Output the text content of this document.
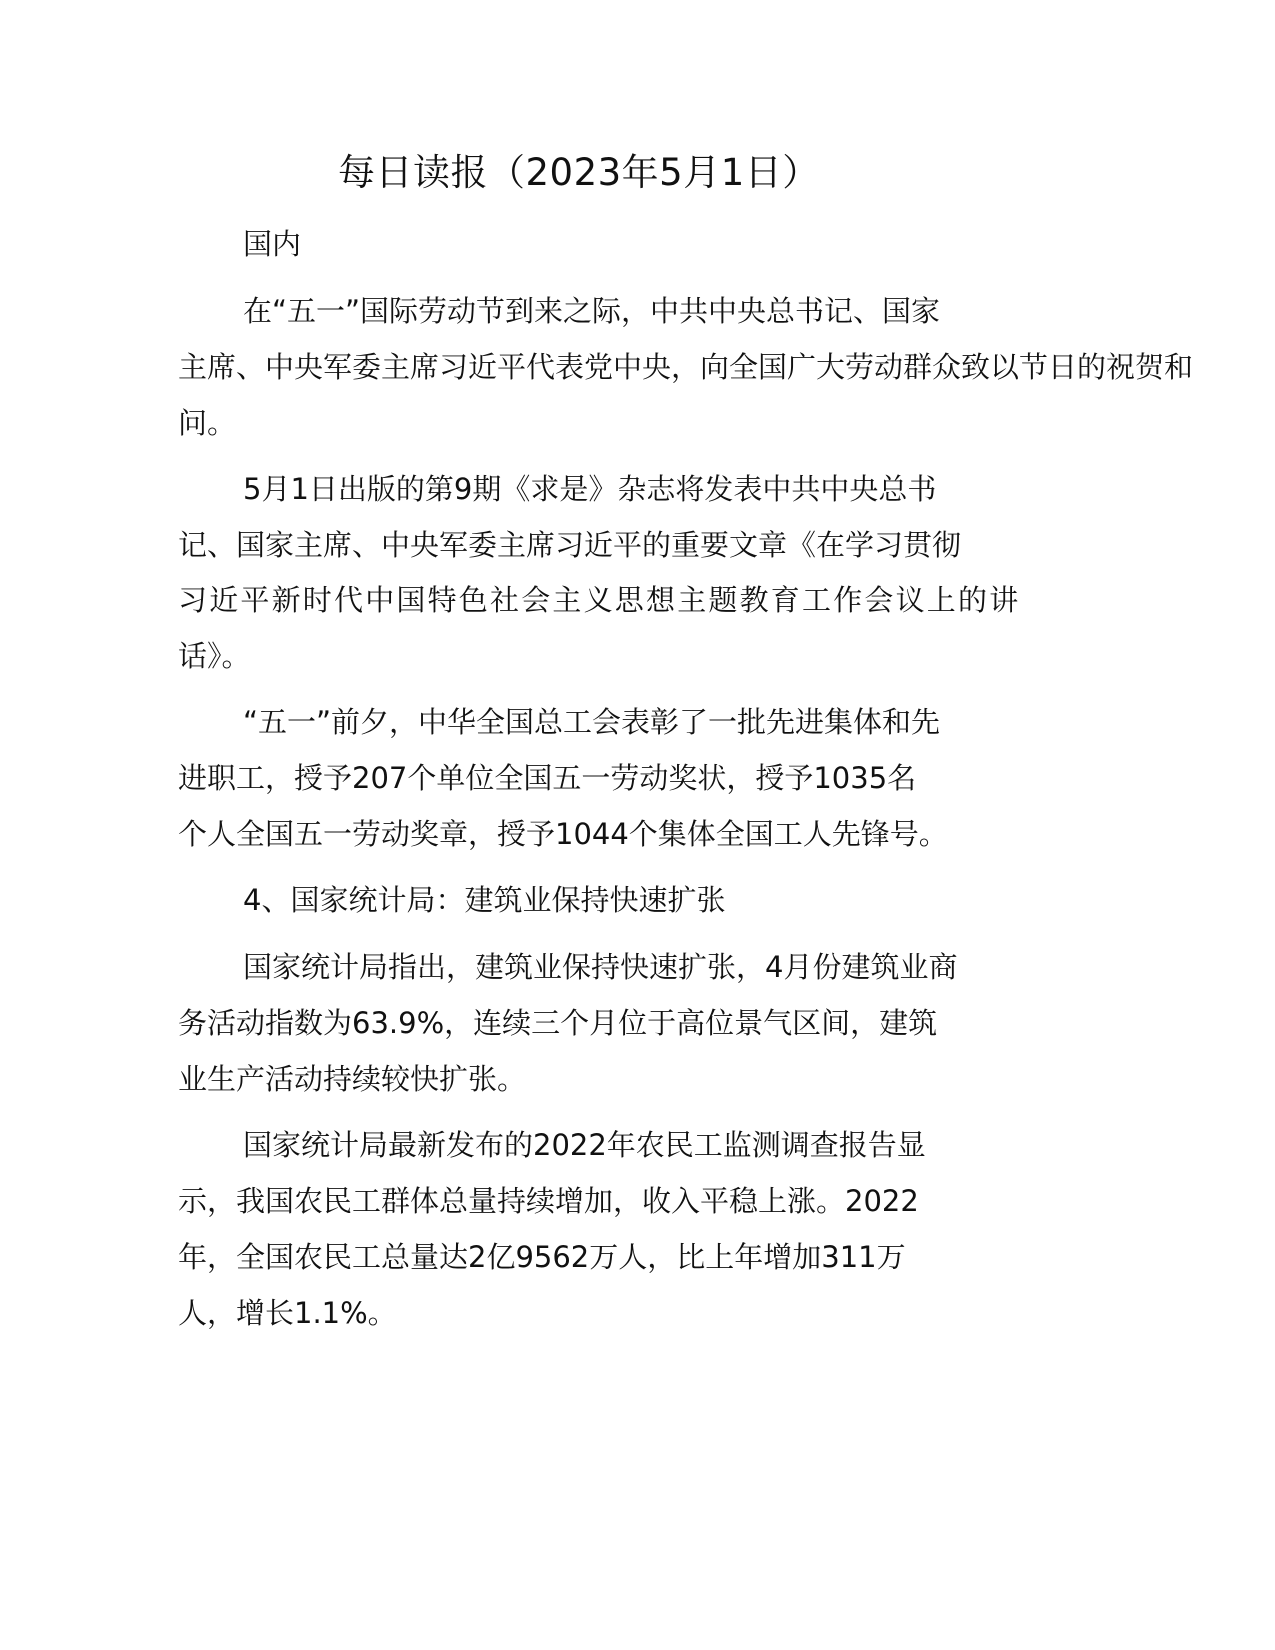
每日读报（2023年5月1日）
国内
在“五一”国际劳动节到来之际，中共中央总书记、国家
主席、中央军委主席习近平代表党中央，向全国广大劳动群众致以节日的祝贺和
问。
5月1日出版的第9期《求是》杂志将发表中共中央总书
记、国家主席、中央军委主席习近平的重要文章《在学习贯彻
习近平新时代中国特色社会主义思想主题教育工作会议上的讲
话》。
“五一”前夕，中华全国总工会表彰了一批先进集体和先
进职工，授予207个单位全国五一劳动奖状，授予1035名
个人全国五一劳动奖章，授予1044个集体全国工人先锋号。
4、国家统计局：建筑业保持快速扩张
国家统计局指出，建筑业保持快速扩张，4月份建筑业商
务活动指数为63.9%，连续三个月位于高位景气区间，建筑
业生产活动持续较快扩张。
国家统计局最新发布的2022年农民工监测调查报告显
示，我国农民工群体总量持续增加，收入平稳上涨。2022
年，全国农民工总量达2亿9562万人，比上年增加311万
人，增长1.1%。
